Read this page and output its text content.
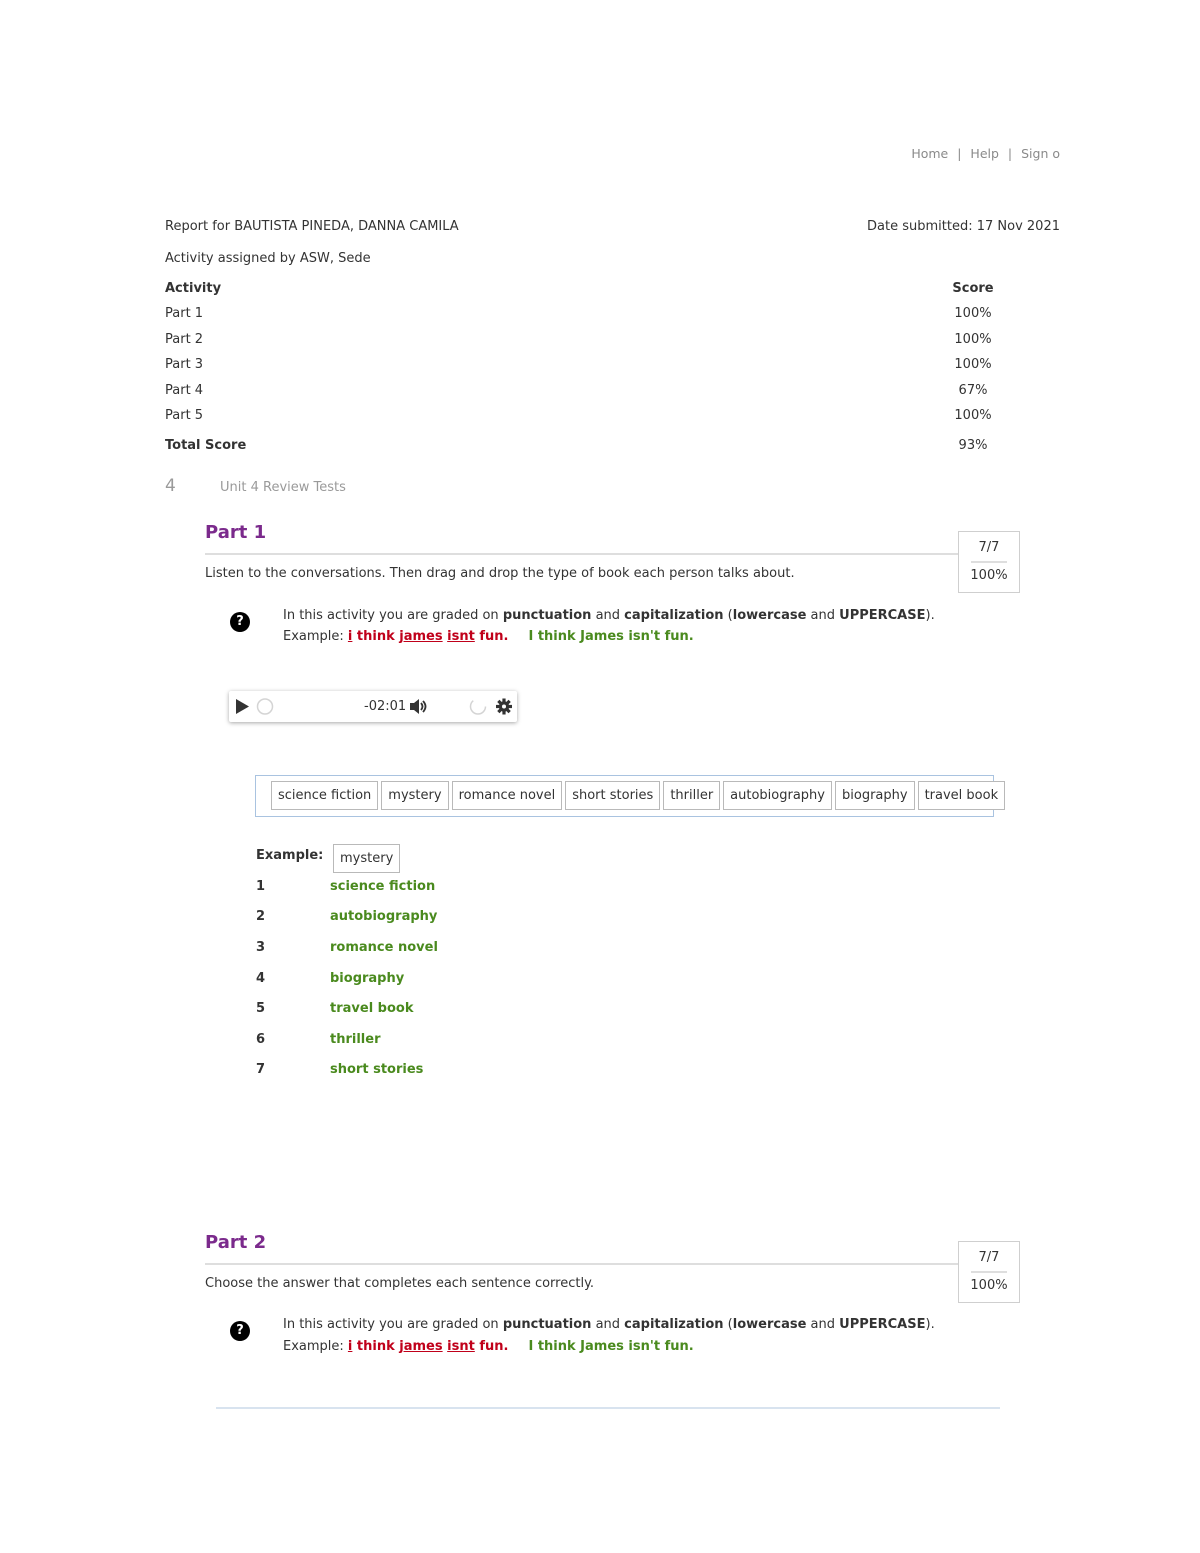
Home | Help | Sign o
Report for BAUTISTA PINEDA, DANNA CAMILA	Date submitted: 17 Nov 2021
Activity assigned by ASW, Sede
Activity	Score
Part 1	100%
Part 2	100%
Part 3	100%
Part 4	67%
Part 5	100%
Total Score	93%
4	Unit 4 Review Tests
Part 1
7/7
100%
Listen to the conversations. Then drag and drop the type of book each person talks about.
?	In this activity you are graded on punctuation and capitalization (lowercase and UPPERCASE).
Example: i think james isnt fun. I think James isn't fun.
-02:01
science fiction mystery romance novel short stories thriller autobiography biography travel book
Example:	mystery
1	science fiction
2	autobiography
3	romance novel
4	biography
5	travel book
6	thriller
7	short stories
Part 2
7/7
100%
Choose the answer that completes each sentence correctly.
?	In this activity you are graded on punctuation and capitalization (lowercase and UPPERCASE).
Example: i think james isnt fun. I think James isn't fun.
